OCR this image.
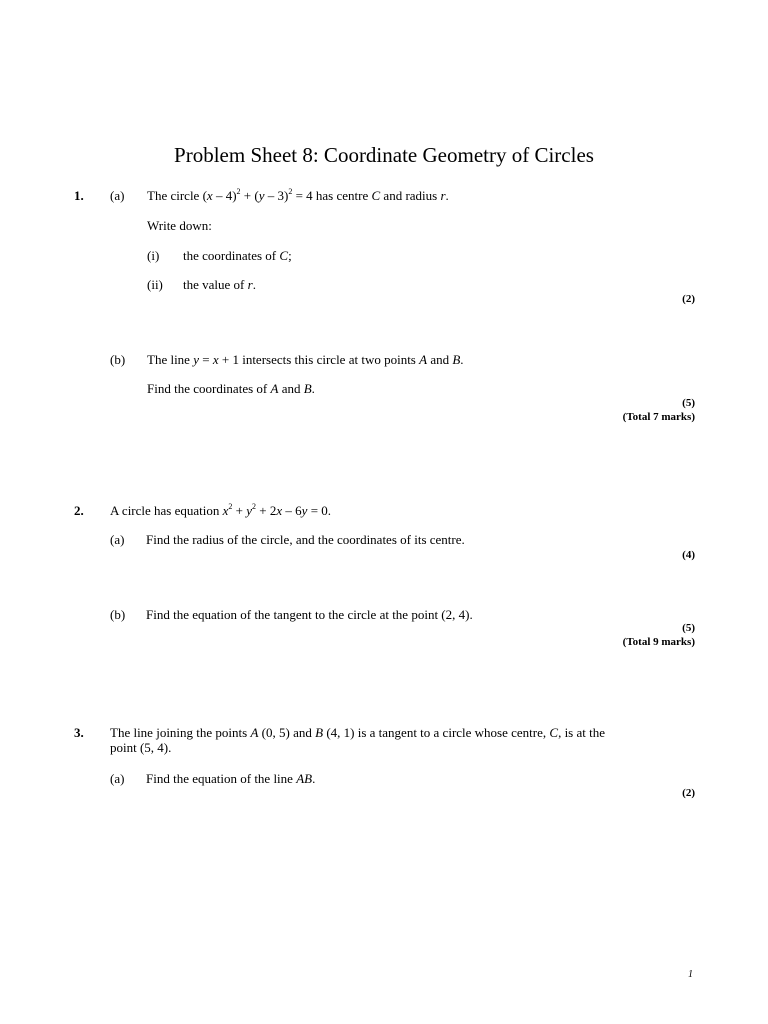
Problem Sheet 8: Coordinate Geometry of Circles
1. (a) The circle (x – 4)$^2$ + (y – 3)$^2$ = 4 has centre C and radius r.
Write down:
(i) the coordinates of C;
(ii) the value of r.
(2)
(b) The line y = x + 1 intersects this circle at two points A and B.
Find the coordinates of A and B.
(5)
(Total 7 marks)
2. A circle has equation $x^2 + y^2 + 2x - 6y = 0$.
(a) Find the radius of the circle, and the coordinates of its centre.
(4)
(b) Find the equation of the tangent to the circle at the point (2, 4).
(5)
(Total 9 marks)
3. The line joining the points A (0, 5) and B (4, 1) is a tangent to a circle whose centre, C, is at the
point (5, 4).
(a) Find the equation of the line AB.
(2)
1
